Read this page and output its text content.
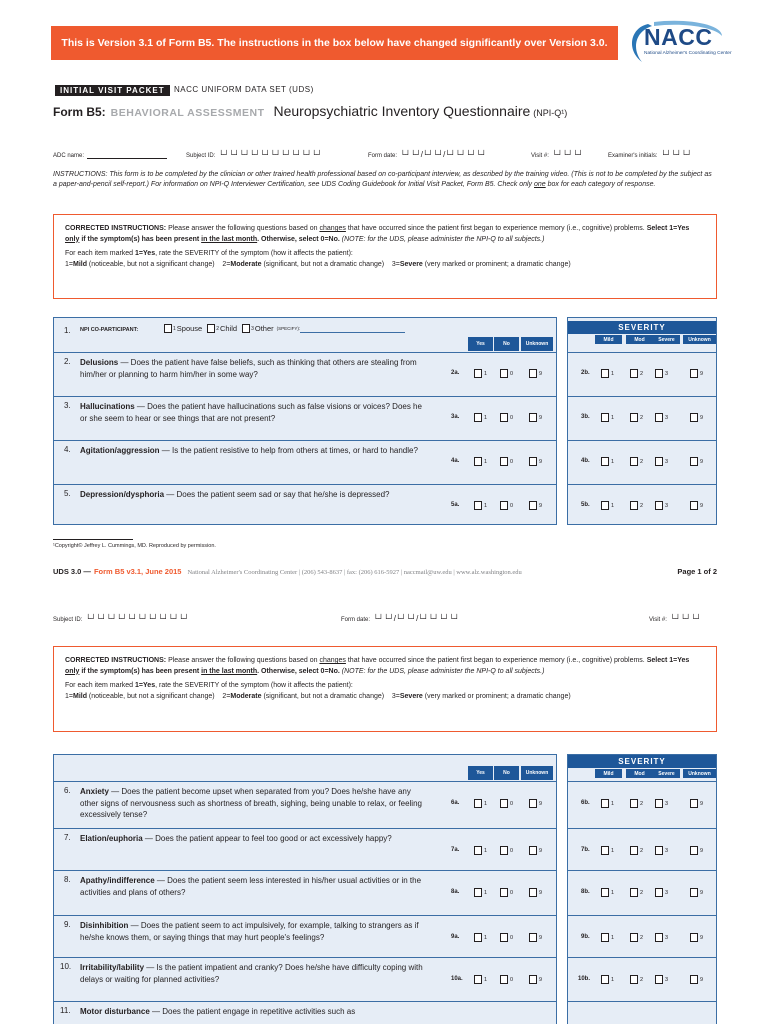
This is Version 3.1 of Form B5. The instructions in the box below have changed significantly over Version 3.0.	NACC
National Alzheimer's Coordinating Center
INITIAL VISIT PACKET	NACC UNIFORM DATA SET (UDS)
Form B5: BEHAVIORAL ASSESSMENT Neuropsychiatric Inventory Questionnaire (NPI-Q¹)
ADC name:	Subject ID: └┘└┘└┘└┘└┘└┘└┘└┘└┘└┘	Form date: └┘└┘/└┘└┘/└┘└┘└┘└┘	Visit #: └┘└┘└┘	Examiner's initials: └┘└┘└┘
INSTRUCTIONS: This form is to be completed by the clinician or other trained health professional based on co-participant interview, as described by the training video. (This is not to be completed by the subject as a paper-and-pencil self-report.) For information on NPI-Q Interviewer Certification, see UDS Coding Guidebook for Initial Visit Packet, Form B5. Check only one box for each category of response.
CORRECTED INSTRUCTIONS: Please answer the following questions based on changes that have occurred since the patient first began to experience memory (i.e., cognitive) problems. Select 1=Yes only if the symptom(s) has been present in the last month. Otherwise, select 0=No. (NOTE: for the UDS, please administer the NPI-Q to all subjects.)
For each item marked 1=Yes, rate the SEVERITY of the symptom (how it affects the patient):
1=Mild (noticeable, but not a significant change) 2=Moderate (significant, but not a dramatic change) 3=Severe (very marked or prominent; a dramatic change)
1. NPI CO-PARTICIPANT:	1 Spouse	2 Child	3 Other (SPECIFY):
Yes	No	Unknown
2. Delusions — Does the patient have false beliefs, such as thinking that others are stealing from him/her or planning to harm him/her in some way?	2a.	1	0	9
3. Hallucinations — Does the patient have hallucinations such as false visions or voices? Does he or she seem to hear or see things that are not present?	3a.	1	0	9
4. Agitation/aggression — Is the patient resistive to help from others at times, or hard to handle?
4a.	1	0	9
5. Depression/dysphoria — Does the patient seem sad or say that he/she is depressed?
5a.	1	0	9
SEVERITY
Mild	Mod	Severe	Unknown
2b.	1	2	3	9
3b.	1	2	3	9
4b.	1	2	3	9
5b.	1	2	3	9
¹Copyright© Jeffrey L. Cummings, MD. Reproduced by permission.
UDS 3.0 — Form B5 v3.1, June 2015 National Alzheimer's Coordinating Center | (206) 543-8637 | fax: (206) 616-5927 | naccmail@uw.edu | www.alz.washington.edu	Page 1 of 2
Subject ID: └┘└┘└┘└┘└┘└┘└┘└┘└┘└┘	Form date: └┘└┘/└┘└┘/└┘└┘└┘└┘	Visit #: └┘└┘└┘
CORRECTED INSTRUCTIONS: Please answer the following questions based on changes that have occurred since the patient first began to experience memory (i.e., cognitive) problems. Select 1=Yes only if the symptom(s) has been present in the last month. Otherwise, select 0=No. (NOTE: for the UDS, please administer the NPI-Q to all subjects.)
For each item marked 1=Yes, rate the SEVERITY of the symptom (how it affects the patient):
1=Mild (noticeable, but not a significant change) 2=Moderate (significant, but not a dramatic change) 3=Severe (very marked or prominent; a dramatic change)
Yes	No	Unknown
6. Anxiety — Does the patient become upset when separated from you? Does he/she have any other signs of nervousness such as shortness of breath, sighing, being unable to relax, or feeling excessively tense?
6a.	1	0	9
7. Elation/euphoria — Does the patient appear to feel too good or act excessively happy?
7a.	1	0	9
8. Apathy/indifference — Does the patient seem less interested in his/her usual activities or in the activities and plans of others?	8a.	1	0	9
9. Disinhibition — Does the patient seem to act impulsively, for example, talking to strangers as if he/she knows them, or saying things that may hurt people's feelings?	9a.	1	0	9
10. Irritability/lability — Is the patient impatient and cranky? Does he/she have difficulty coping with delays or waiting for planned activities?	10a.	1	0	9
11. Motor disturbance — Does the patient engage in repetitive activities such as
SEVERITY
Mild	Mod	Severe	Unknown
6b.	1	2	3	9
7b.	1	2	3	9
8b.	1	2	3	9
9b.	1	2	3	9
10b.	1	2	3	9
